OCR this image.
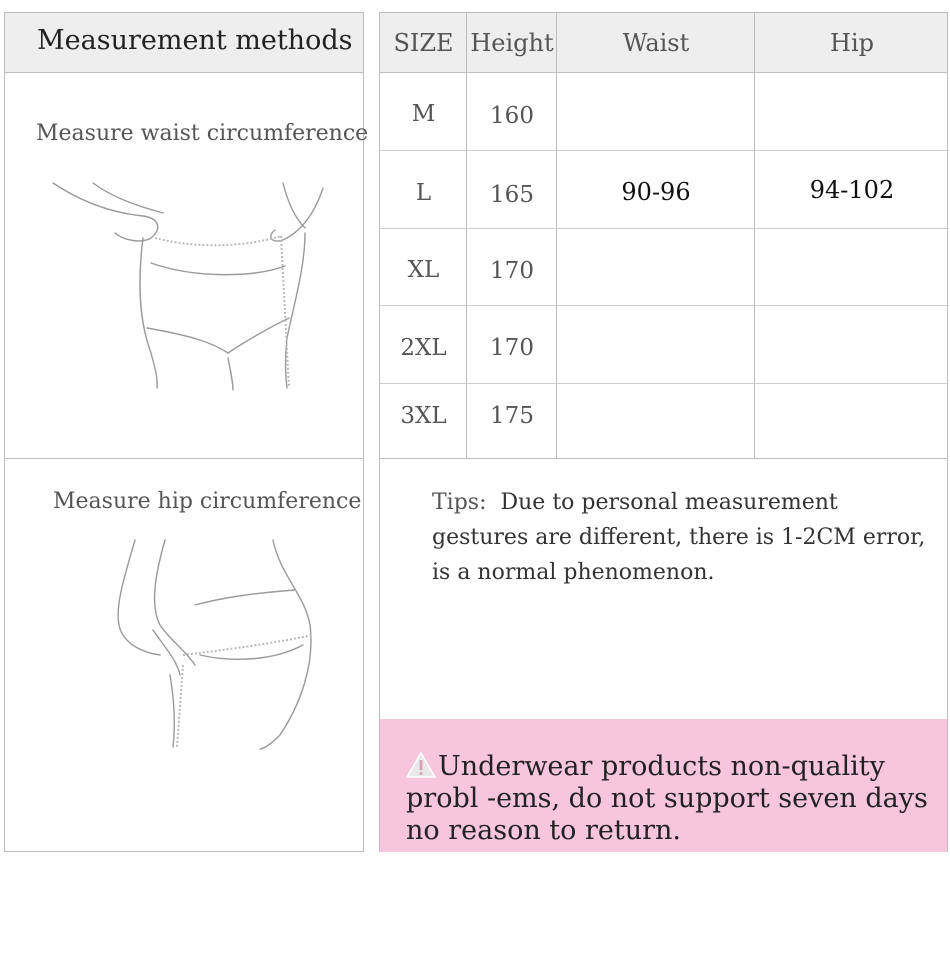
Measurement methods
Measure waist circumference
Measure hip circumference
SIZE Height	Waist	Hip
M	160
L	165
XL	170
2XL	170
3XL	175
90-96	94-102
Tips: Due to personal measurement gestures are different, there is 1-2CM error, is a normal phenomenon.
Underwear products non-quality probl -ems, do not support seven days no reason to return.
